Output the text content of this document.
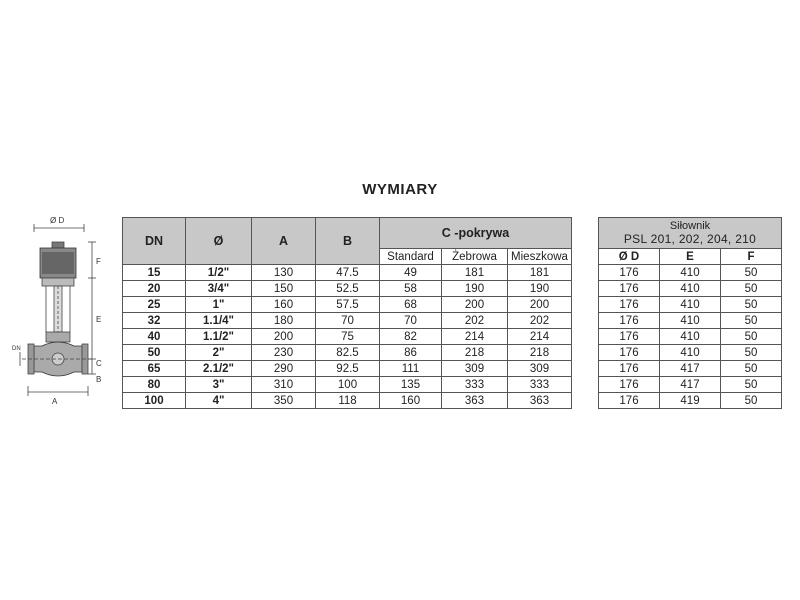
WYMIARY
Ø D
F
E
C
B
DN
A
DN	Ø	A	B	C -pokrywa		
				Standard	Żebrowa	Mieszkowa
15	1/2"	130	47.5	49	181	181
20	3/4"	150	52.5	58	190	190
25	1"	160	57.5	68	200	200
32	1.1/4"	180	70	70	202	202
40	1.1/2"	200	75	82	214	214
50	2"	230	82.5	86	218	218
65	2.1/2"	290	92.5	111	309	309
80	3"	310	100	135	333	333
100	4"	350	118	160	363	363
Siłownik
PSL 201, 202, 204, 210		

Ø D	E	F
176	410	50
176	410	50
176	410	50
176	410	50
176	410	50
176	410	50
176	417	50
176	417	50
176	419	50
